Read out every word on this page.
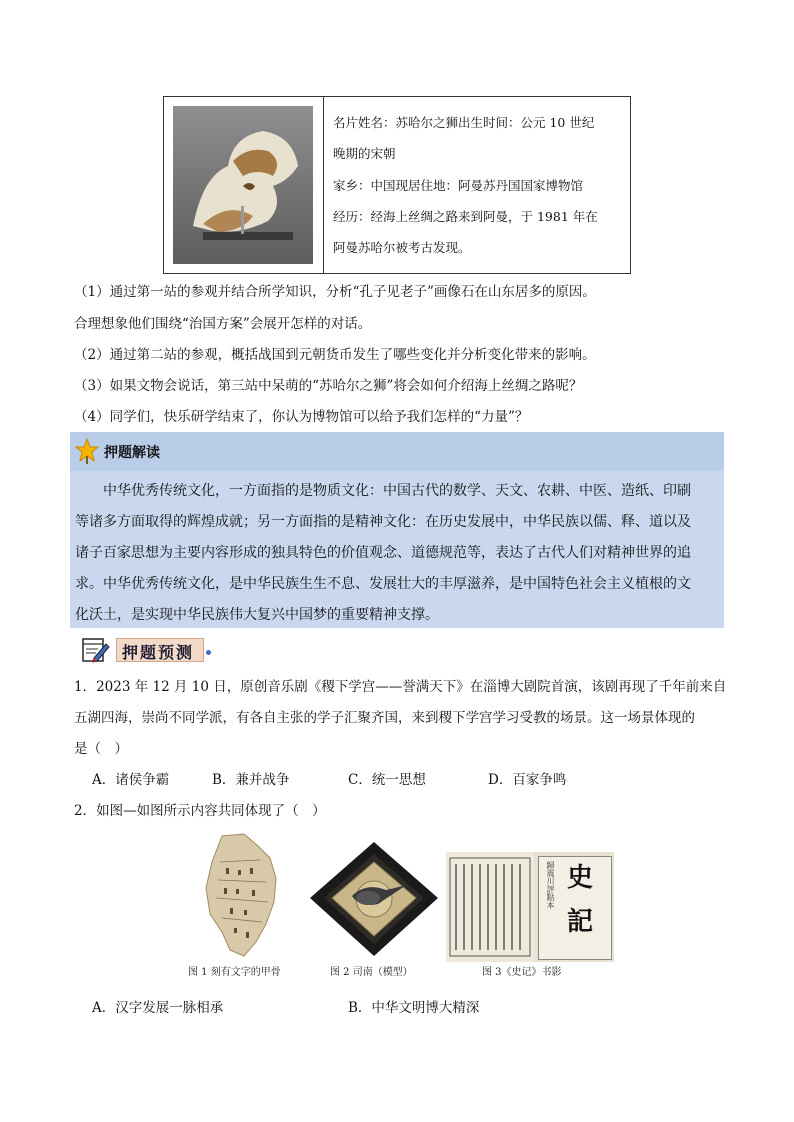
名片姓名：苏哈尔之狮出生时间：公元 10 世纪
晚期的宋朝
家乡：中国现居住地：阿曼苏丹国国家博物馆
经历：经海上丝绸之路来到阿曼，于 1981 年在
阿曼苏哈尔被考古发现。
（1）通过第一站的参观并结合所学知识，分析“孔子见老子”画像石在山东居多的原因。
合理想象他们围绕“治国方案”会展开怎样的对话。
（2）通过第二站的参观，概括战国到元朝货币发生了哪些变化并分析变化带来的影响。
（3）如果文物会说话，第三站中呆萌的“苏哈尔之狮”将会如何介绍海上丝绸之路呢？
（4）同学们，快乐研学结束了，你认为博物馆可以给予我们怎样的“力量”？
押题解读
中华优秀传统文化，一方面指的是物质文化：中国古代的数学、天文、农耕、中医、造纸、印刷
等诸多方面取得的辉煌成就；另一方面指的是精神文化：在历史发展中，中华民族以儒、释、道以及
诸子百家思想为主要内容形成的独具特色的价值观念、道德规范等，表达了古代人们对精神世界的追
求。中华优秀传统文化，是中华民族生生不息、发展壮大的丰厚滋养，是中国特色社会主义植根的文
化沃土，是实现中华民族伟大复兴中国梦的重要精神支撑。
押题预测
1．2023 年 12 月 10 日，原创音乐剧《稷下学宫——誉满天下》在淄博大剧院首演，该剧再现了千年前来自
五湖四海，崇尚不同学派，有各自主张的学子汇聚齐国，来到稷下学宫学习受教的场景。这一场景体现的
是（　）
A．诸侯争霸	B．兼并战争	C．统一思想	D．百家争鸣
2．如图—如图所示内容共同体现了（　）
图 1 刻有文字的甲骨	图 2 司南（模型）
歸震川評點本 史
記
图 3《史记》书影
A．汉字发展一脉相承	B．中华文明博大精深
